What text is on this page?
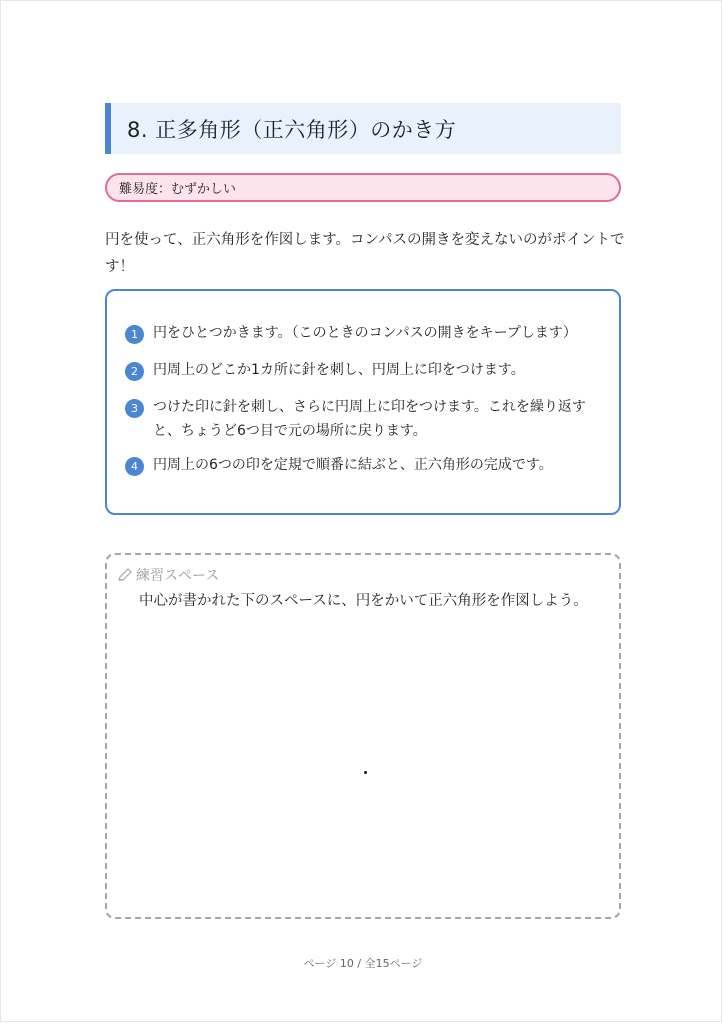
8. 正多角形（正六角形）のかき方
難易度：むずかしい
円を使って、正六角形を作図します。コンパスの開きを変えないのがポイントです！
1	円をひとつかきます。（このときのコンパスの開きをキープします）
2	円周上のどこか1カ所に針を刺し、円周上に印をつけます。
3	つけた印に針を刺し、さらに円周上に印をつけます。これを繰り返すと、ちょうど6つ目で元の場所に戻ります。
4	円周上の6つの印を定規で順番に結ぶと、正六角形の完成です。
練習スペース
中心が書かれた下のスペースに、円をかいて正六角形を作図しよう。
ページ 10 / 全15ページ
